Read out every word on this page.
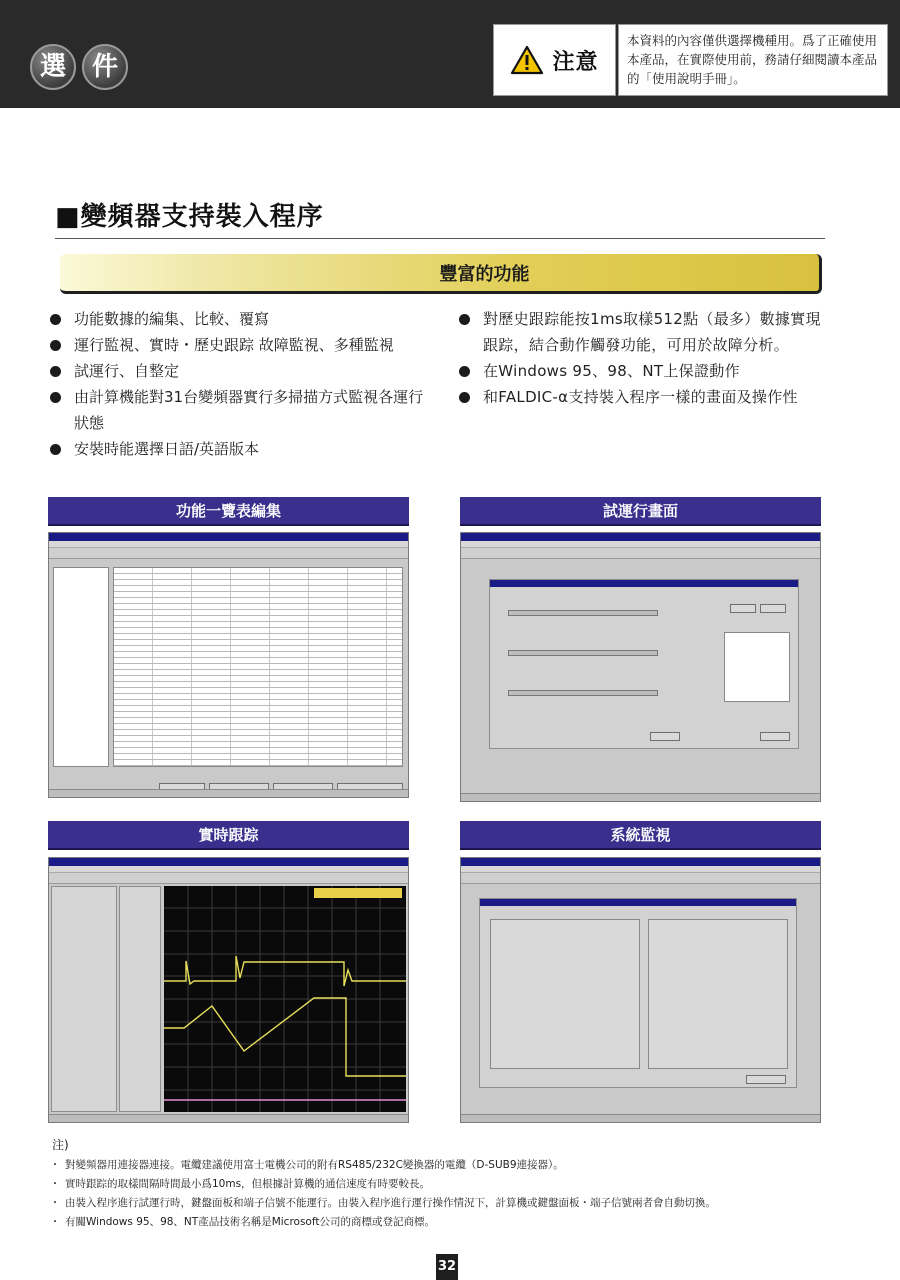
選 件	注意
本資料的內容僅供選擇機種用。爲了正確使用本產品，在實際使用前，務請仔細閱讀本產品的「使用說明手冊」。
■變頻器支持裝入程序
豐富的功能
功能數據的編集、比較、覆寫
運行監視、實時・歷史跟踪 故障監視、多種監視
試運行、自整定
由計算機能對31台變頻器實行多掃描方式監視各運行狀態
安裝時能選擇日語/英語版本
對歷史跟踪能按1ms取樣512點（最多）數據實現跟踪，結合動作觸發功能，可用於故障分析。
在Windows 95、98、NT上保證動作
和FALDIC-α支持裝入程序一樣的畫面及操作性
功能一覽表編集	試運行畫面
實時跟踪	系統監視
注)
・ 對變頻器用連接器連接。電纜建議使用富士電機公司的附有RS485/232C變換器的電纜（D-SUB9連接器）。
・ 實時跟踪的取樣間隔時間最小爲10ms，但根據計算機的通信速度有時要較長。
・ 由裝入程序進行試運行時，鍵盤面板和端子信號不能運行。由裝入程序進行運行操作情況下，計算機或鍵盤面板・端子信號兩者會自動切換。
・ 有關Windows 95、98、NT產品技術名稱是Microsoft公司的商標或登記商標。
32
